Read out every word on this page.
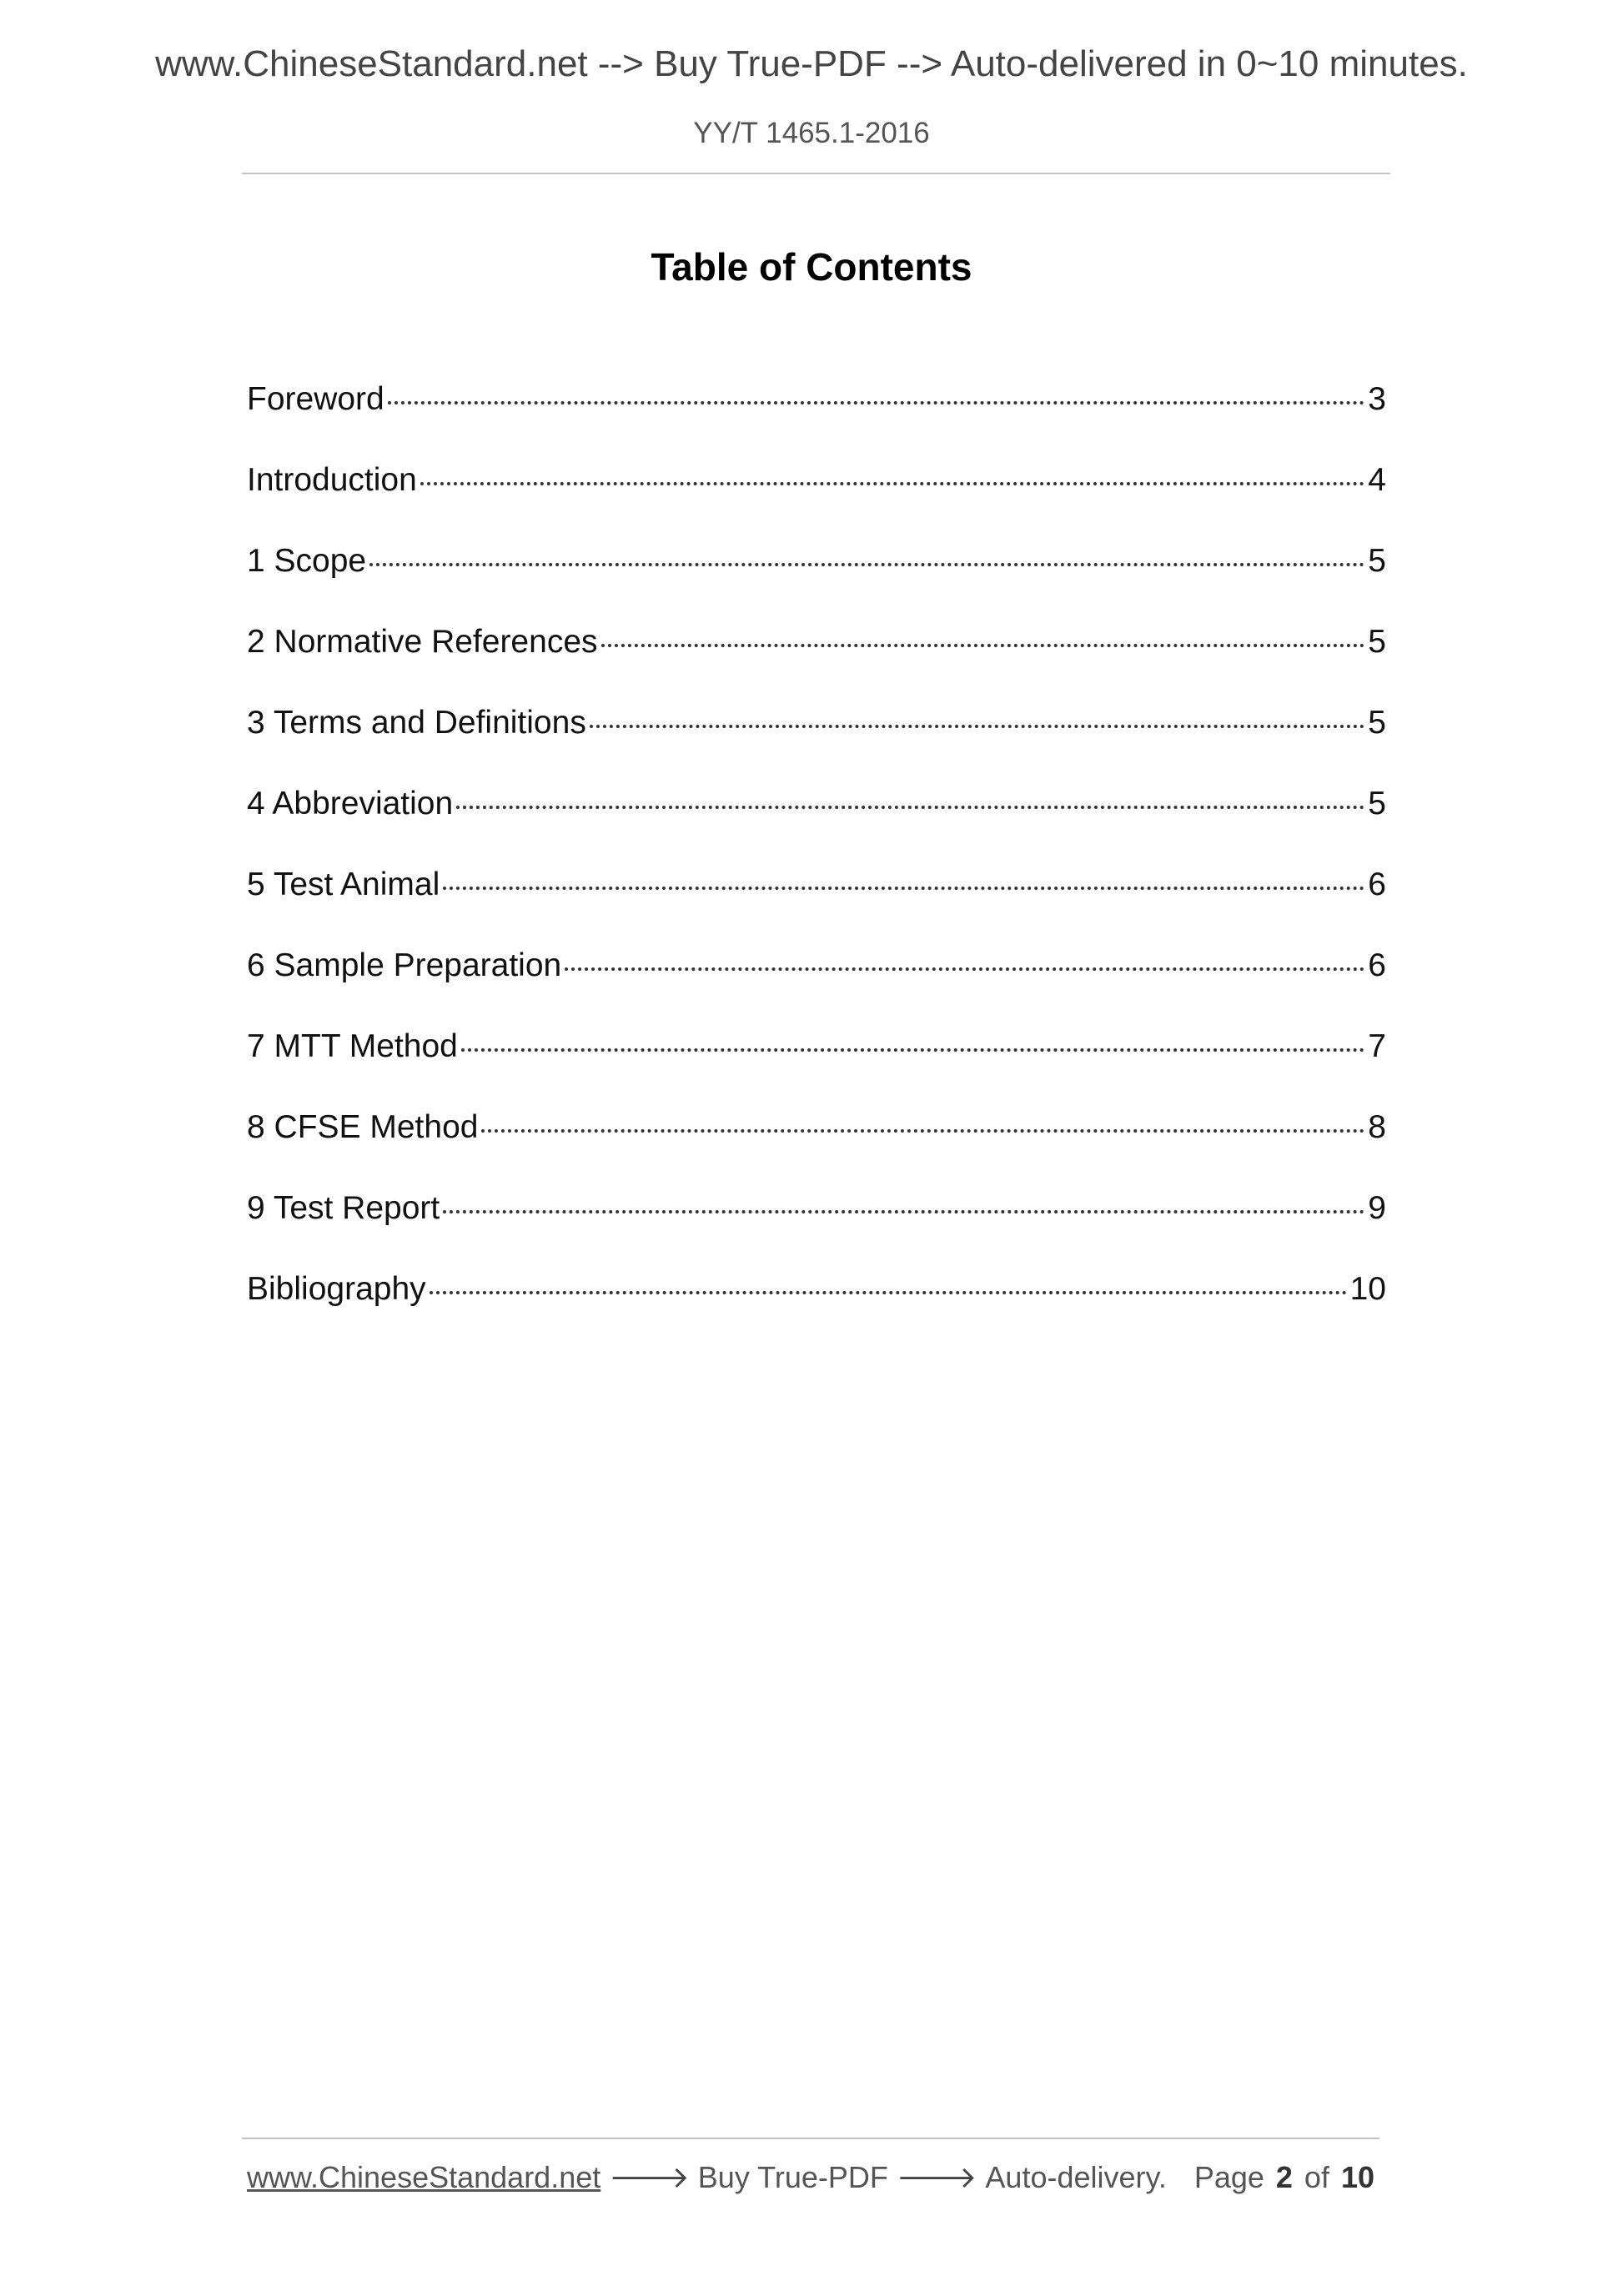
www.ChineseStandard.net --> Buy True-PDF --> Auto-delivered in 0~10 minutes.
YY/T 1465.1-2016
Table of Contents
Foreword	3
Introduction	4
1 Scope	5
2 Normative References	5
3 Terms and Definitions	5
4 Abbreviation	5
5 Test Animal	6
6 Sample Preparation	6
7 MTT Method	7
8 CFSE Method	8
9 Test Report	9
Bibliography	10
www.ChineseStandard.net 🡒 Buy True-PDF 🡒 Auto-delivery. Page 2 of 10
